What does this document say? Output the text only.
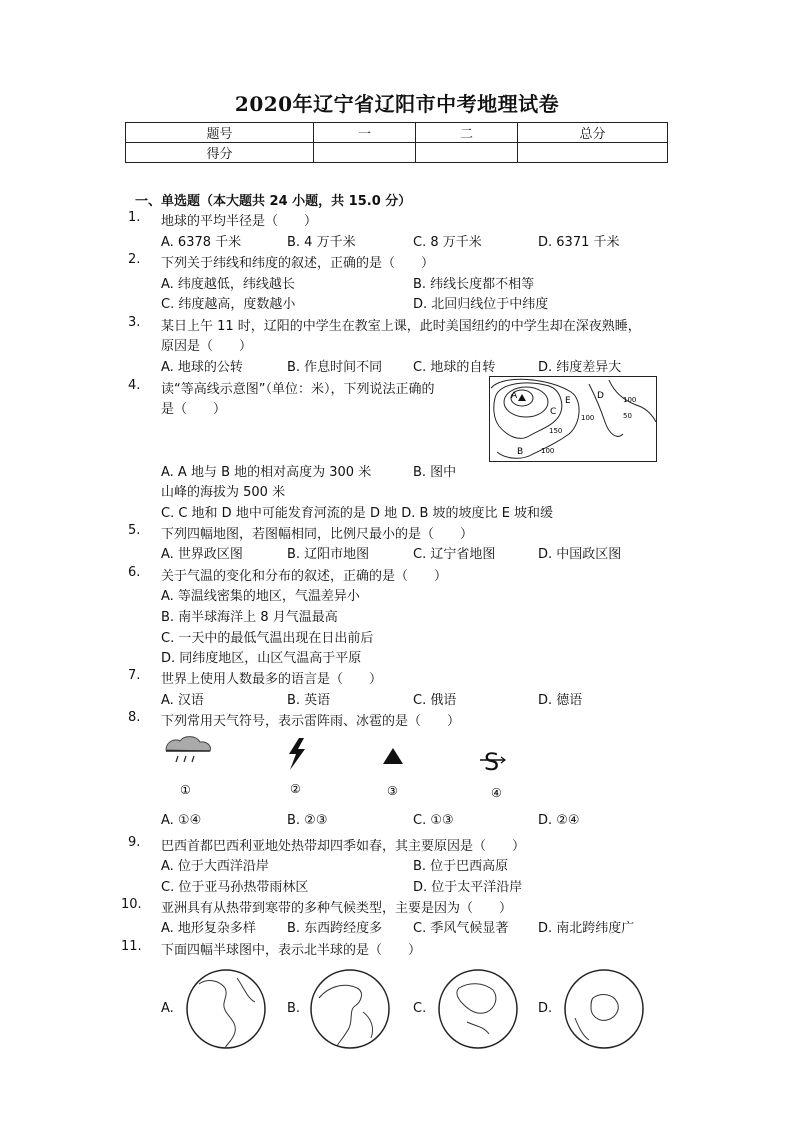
2020年辽宁省辽阳市中考地理试卷
题号	一	二	总分
得分			
一、单选题（本大题共 24 小题，共 15.0 分）
1. 地球的平均半径是（　　）
A. 6378 千米	B. 4 万千米	C. 8 万千米	D. 6371 千米
2. 下列关于纬线和纬度的叙述，正确的是（　　）
A. 纬度越低，纬线越长	B. 纬线长度都不相等
C. 纬度越高，度数越小	D. 北回归线位于中纬度
3. 某日上午 11 时，辽阳的中学生在教室上课，此时美国纽约的中学生却在深夜熟睡，
原因是（　　）
A. 地球的公转	B. 作息时间不同 C. 地球的自转	D. 纬度差异大
4. 读“等高线示意图”（单位：米），下列说法正确的
是（　　）
A
B
C
D
E	100
150
100
100	50
A. A 地与 B 地的相对高度为 300 米	B. 图中
山峰的海拔为 500 米
C. C 地和 D 地中可能发育河流的是 D 地 D. B 坡的坡度比 E 坡和缓
5. 下列四幅地图，若图幅相同，比例尺最小的是（　　）
A. 世界政区图	B. 辽阳市地图	C. 辽宁省地图	D. 中国政区图
6. 关于气温的变化和分布的叙述，正确的是（　　）
A. 等温线密集的地区，气温差异小
B. 南半球海洋上 8 月气温最高
C. 一天中的最低气温出现在日出前后
D. 同纬度地区，山区气温高于平原
7. 世界上使用人数最多的语言是（　　）
A. 汉语	B. 英语	C. 俄语	D. 德语
8. 下列常用天气符号，表示雷阵雨、冰雹的是（　　）
S
①	②	③	④
A. ①④	B. ②③	C. ①③	D. ②④
9. 巴西首都巴西利亚地处热带却四季如春，其主要原因是（　　）
A. 位于大西洋沿岸	B. 位于巴西高原
C. 位于亚马孙热带雨林区	D. 位于太平洋沿岸
10. 亚洲具有从热带到寒带的多种气候类型，主要是因为（　　）
A. 地形复杂多样 B. 东西跨经度多 C. 季风气候显著 D. 南北跨纬度广
11. 下面四幅半球图中，表示北半球的是（　　）
A.	B.	C.	D.
